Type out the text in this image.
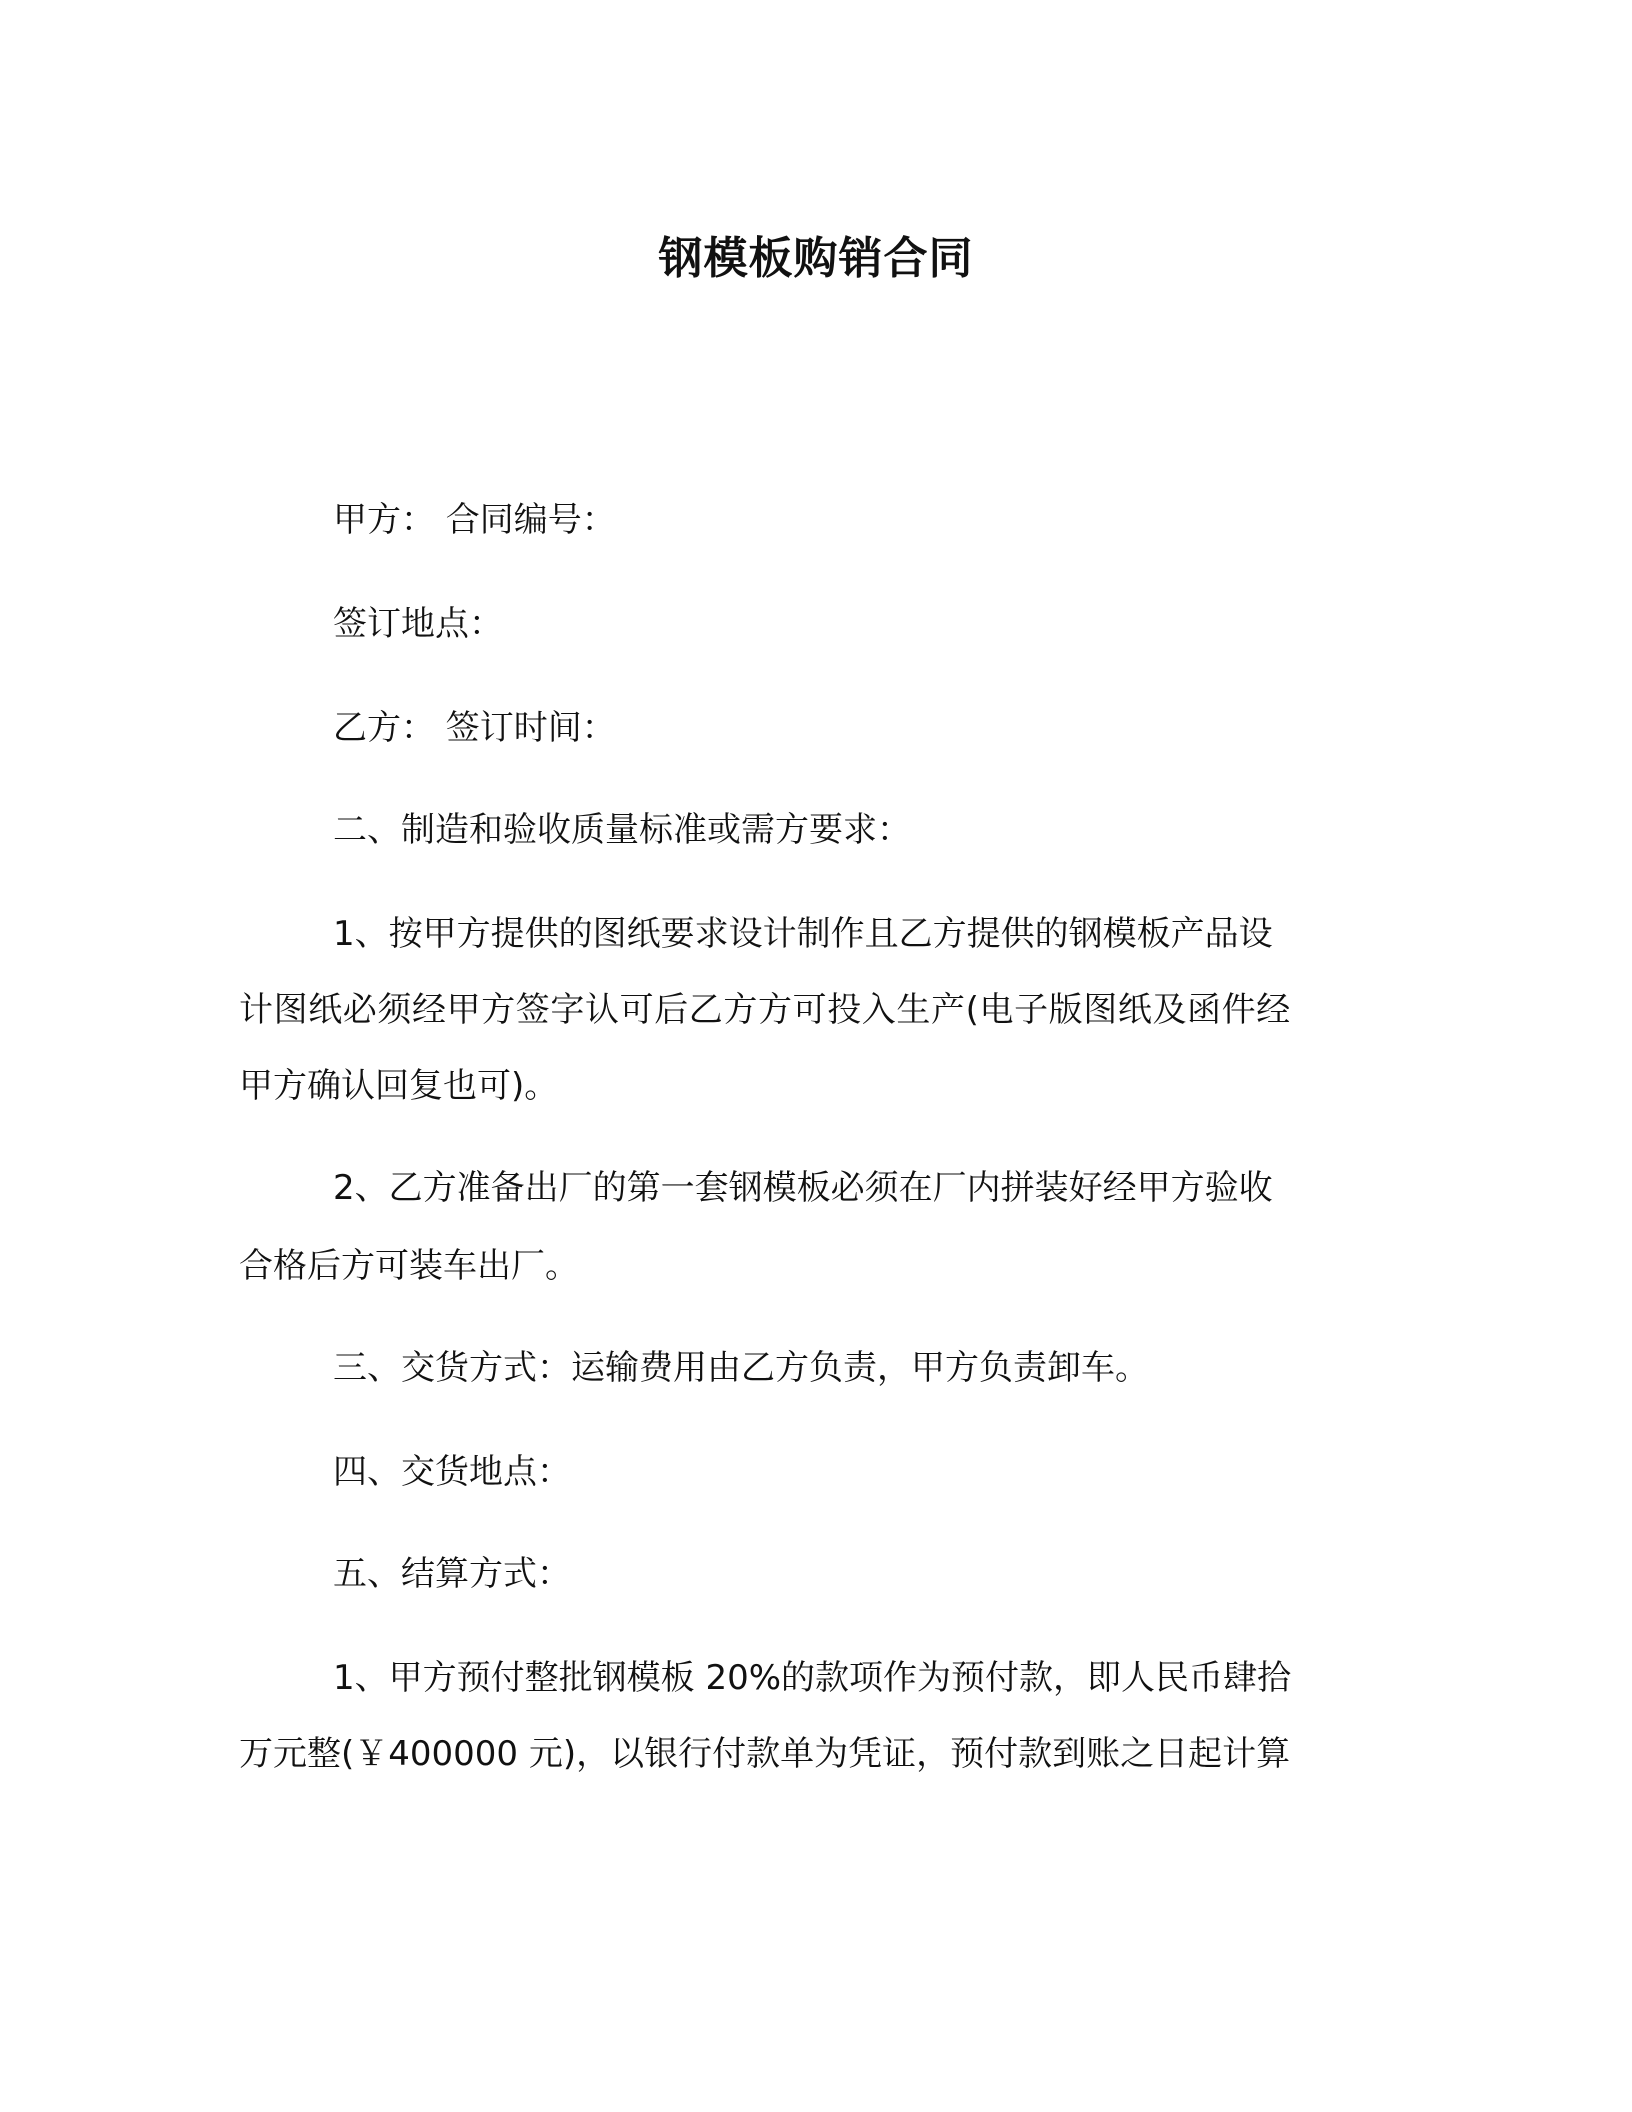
钢模板购销合同
甲方： 合同编号：
签订地点：
乙方： 签订时间：
二、制造和验收质量标准或需方要求：
1、按甲方提供的图纸要求设计制作且乙方提供的钢模板产品设
计图纸必须经甲方签字认可后乙方方可投入生产(电子版图纸及函件经
甲方确认回复也可)。
2、乙方准备出厂的第一套钢模板必须在厂内拼装好经甲方验收
合格后方可装车出厂。
三、交货方式：运输费用由乙方负责，甲方负责卸车。
四、交货地点：
五、结算方式：
1、甲方预付整批钢模板 20%的款项作为预付款，即人民币肆拾
万元整(￥400000 元)，以银行付款单为凭证，预付款到账之日起计算
